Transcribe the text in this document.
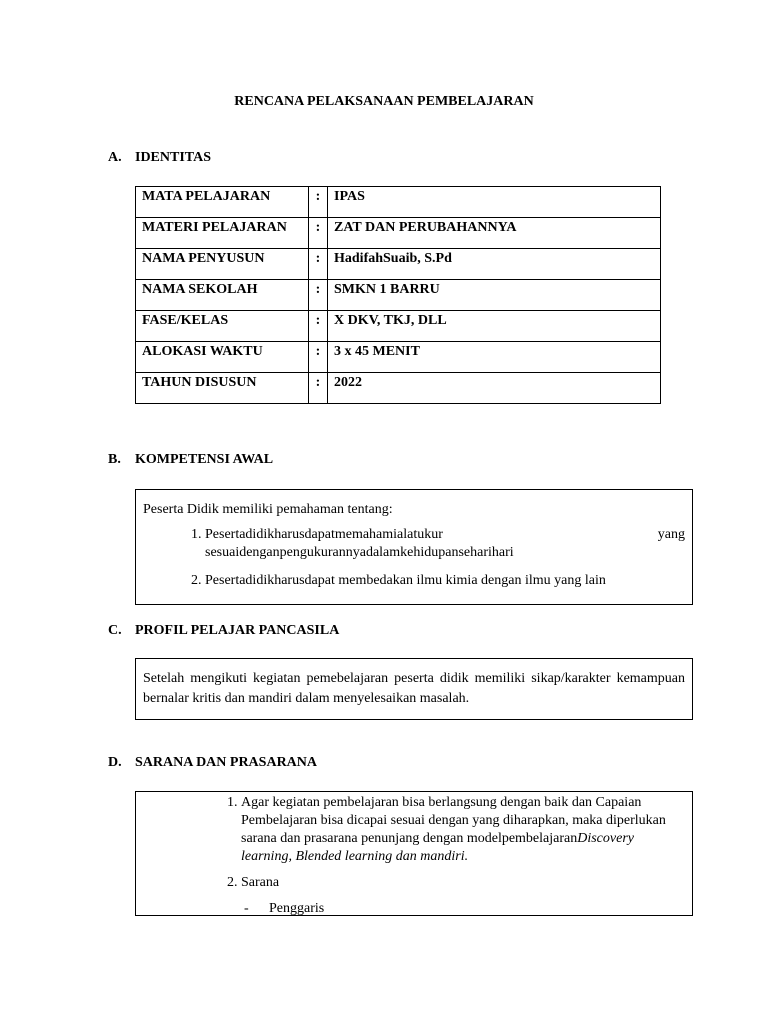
RENCANA PELAKSANAAN PEMBELAJARAN
A. IDENTITAS
MATA PELAJARAN	:	IPAS
MATERI PELAJARAN	:	ZAT DAN PERUBAHANNYA
NAMA PENYUSUN	:	HadifahSuaib, S.Pd
NAMA SEKOLAH	:	SMKN 1 BARRU
FASE/KELAS	:	X DKV, TKJ, DLL
ALOKASI WAKTU	:	3 x 45 MENIT
TAHUN DISUSUN	:	2022
B. KOMPETENSI AWAL

Peserta Didik memiliki pemahaman tentang:

1. Pesertadidikharusdapatmemahamialatukur	yang
sesuaidenganpengukurannyadalamkehidupanseharihari
2. Pesertadidikharusdapat membedakan ilmu kimia dengan ilmu yang lain
C. PROFIL PELAJAR PANCASILA

Setelah mengikuti kegiatan pemebelajaran peserta didik memiliki sikap/karakter kemampuan bernalar kritis dan mandiri dalam menyelesaikan masalah.

D. SARANA DAN PRASARANA
1. Agar kegiatan pembelajaran bisa berlangsung dengan baik dan Capaian Pembelajaran bisa dicapai sesuai dengan yang diharapkan, maka diperlukan sarana dan prasarana penunjang dengan modelpembelajaranDiscovery learning, Blended learning dan mandiri.
2. Sarana
- Penggaris
